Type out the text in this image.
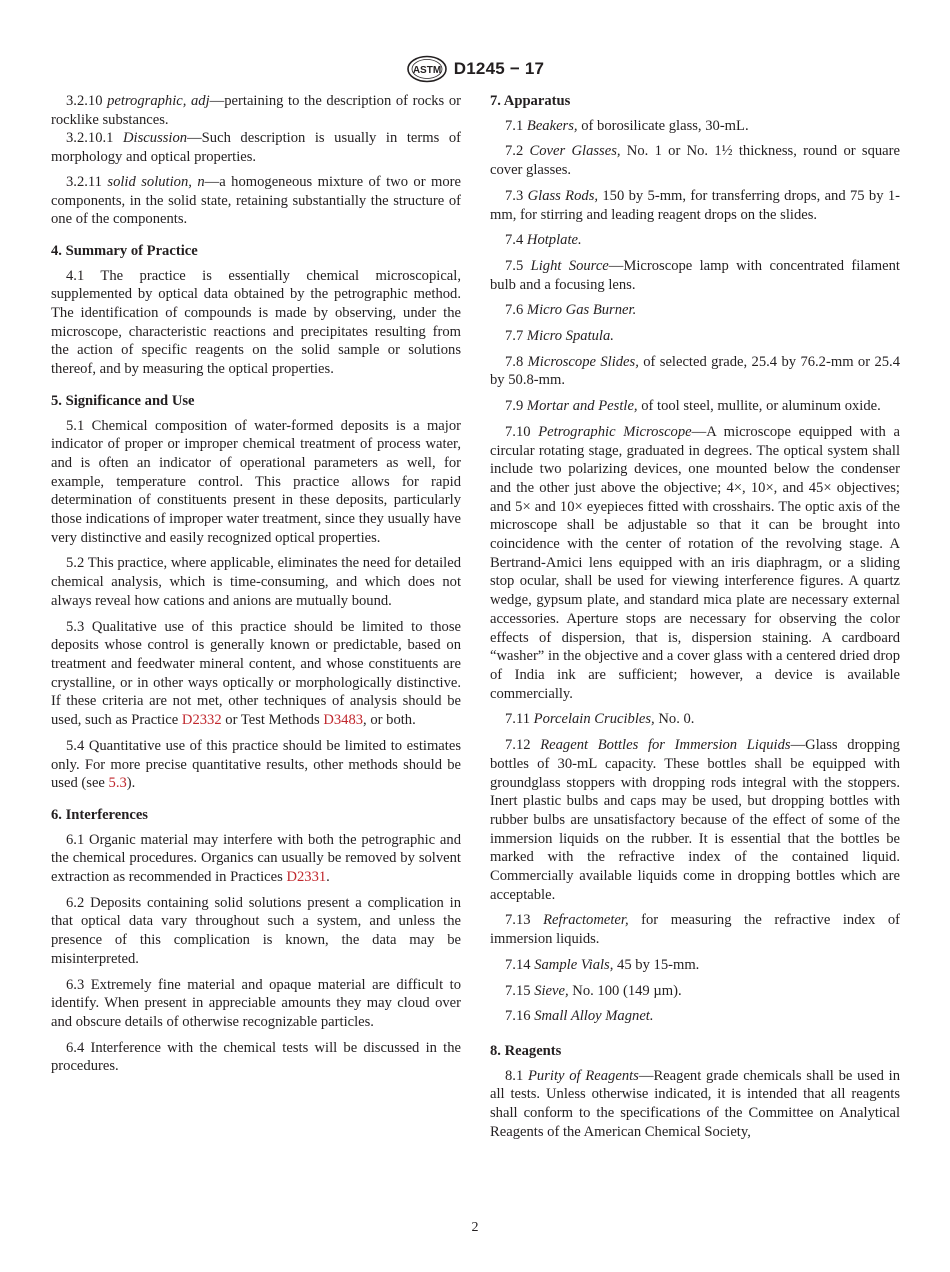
ASTM D1245 − 17

3.2.10 petrographic, adj—pertaining to the description of rocks or rocklike substances.

3.2.10.1 Discussion—Such description is usually in terms of morphology and optical properties.

3.2.11 solid solution, n—a homogeneous mixture of two or more components, in the solid state, retaining substantially the structure of one of the components.

4. Summary of Practice

4.1 The practice is essentially chemical microscopical, supplemented by optical data obtained by the petrographic method. The identification of compounds is made by observing, under the microscope, characteristic reactions and precipitates resulting from the action of specific reagents on the solid sample or solutions thereof, and by measuring the optical properties.

5. Significance and Use

5.1 Chemical composition of water-formed deposits is a major indicator of proper or improper chemical treatment of process water, and is often an indicator of operational parameters as well, for example, temperature control. This practice allows for rapid determination of constituents present in these deposits, particularly those indications of improper water treatment, since they usually have very distinctive and easily recognized optical properties.

5.2 This practice, where applicable, eliminates the need for detailed chemical analysis, which is time-consuming, and which does not always reveal how cations and anions are mutually bound.

5.3 Qualitative use of this practice should be limited to those deposits whose control is generally known or predictable, based on treatment and feedwater mineral content, and whose constituents are crystalline, or in other ways optically or morphologically distinctive. If these criteria are not met, other techniques of analysis should be used, such as Practice D2332 or Test Methods D3483, or both.

5.4 Quantitative use of this practice should be limited to estimates only. For more precise quantitative results, other methods should be used (see 5.3).

6. Interferences

6.1 Organic material may interfere with both the petrographic and the chemical procedures. Organics can usually be removed by solvent extraction as recommended in Practices D2331.

6.2 Deposits containing solid solutions present a complication in that optical data vary throughout such a system, and unless the presence of this complication is known, the data may be misinterpreted.

6.3 Extremely fine material and opaque material are difficult to identify. When present in appreciable amounts they may cloud over and obscure details of otherwise recognizable particles.

6.4 Interference with the chemical tests will be discussed in the procedures.

7. Apparatus

7.1 Beakers, of borosilicate glass, 30-mL.

7.2 Cover Glasses, No. 1 or No. 1½ thickness, round or square cover glasses.

7.3 Glass Rods, 150 by 5-mm, for transferring drops, and 75 by 1-mm, for stirring and leading reagent drops on the slides.

7.4 Hotplate.

7.5 Light Source—Microscope lamp with concentrated filament bulb and a focusing lens.

7.6 Micro Gas Burner.

7.7 Micro Spatula.

7.8 Microscope Slides, of selected grade, 25.4 by 76.2-mm or 25.4 by 50.8-mm.

7.9 Mortar and Pestle, of tool steel, mullite, or aluminum oxide.

7.10 Petrographic Microscope—A microscope equipped with a circular rotating stage, graduated in degrees. The optical system shall include two polarizing devices, one mounted below the condenser and the other just above the objective; 4×, 10×, and 45× objectives; and 5× and 10× eyepieces fitted with crosshairs. The optic axis of the microscope shall be adjustable so that it can be brought into coincidence with the center of rotation of the revolving stage. A Bertrand-Amici lens equipped with an iris diaphragm, or a sliding stop ocular, shall be used for viewing interference figures. A quartz wedge, gypsum plate, and standard mica plate are necessary external accessories. Aperture stops are necessary for observing the color effects of dispersion, that is, dispersion staining. A cardboard “washer” in the objective and a cover glass with a centered dried drop of India ink are sufficient; however, a device is available commercially.

7.11 Porcelain Crucibles, No. 0.

7.12 Reagent Bottles for Immersion Liquids—Glass dropping bottles of 30-mL capacity. These bottles shall be equipped with groundglass stoppers with dropping rods integral with the stoppers. Inert plastic bulbs and caps may be used, but dropping bottles with rubber bulbs are unsatisfactory because of the effect of some of the immersion liquids on the rubber. It is essential that the bottles be marked with the refractive index of the contained liquid. Commercially available liquids come in dropping bottles which are acceptable.

7.13 Refractometer, for measuring the refractive index of immersion liquids.

7.14 Sample Vials, 45 by 15-mm.

7.15 Sieve, No. 100 (149 µm).

7.16 Small Alloy Magnet.

8. Reagents

8.1 Purity of Reagents—Reagent grade chemicals shall be used in all tests. Unless otherwise indicated, it is intended that all reagents shall conform to the specifications of the Committee on Analytical Reagents of the American Chemical Society,

2
